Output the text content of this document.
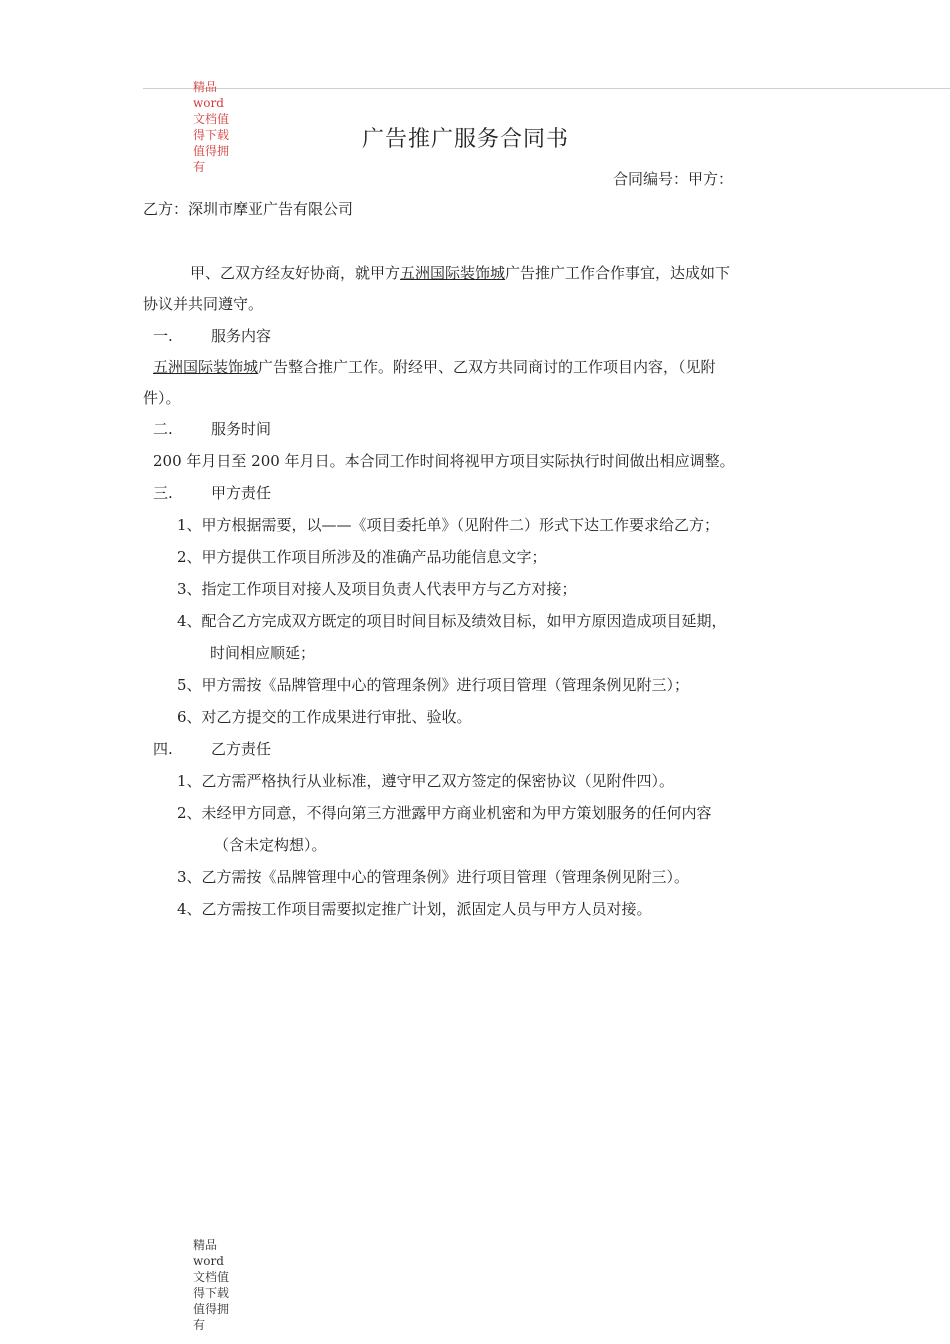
精品
word
文档值
得下载
值得拥
有
广告推广服务合同书
合同编号：甲方：
乙方：深圳市摩亚广告有限公司
甲、乙双方经友好协商，就甲方五洲国际装饰城广告推广工作合作事宜，达成如下
协议并共同遵守。
一.	服务内容
五洲国际装饰城广告整合推广工作。附经甲、乙双方共同商讨的工作项目内容，（见附
件）。
二.	服务时间
200 年月日至 200 年月日。本合同工作时间将视甲方项目实际执行时间做出相应调整。
三.	甲方责任
1、甲方根据需要，以——《项目委托单》（见附件二）形式下达工作要求给乙方；
2、甲方提供工作项目所涉及的准确产品功能信息文字；
3、指定工作项目对接人及项目负责人代表甲方与乙方对接；
4、配合乙方完成双方既定的项目时间目标及绩效目标，如甲方原因造成项目延期，
时间相应顺延；
5、甲方需按《品牌管理中心的管理条例》进行项目管理（管理条例见附三）；
6、对乙方提交的工作成果进行审批、验收。
四.	乙方责任
1、乙方需严格执行从业标准，遵守甲乙双方签定的保密协议（见附件四）。
2、未经甲方同意，不得向第三方泄露甲方商业机密和为甲方策划服务的任何内容
（含未定构想）。
3、乙方需按《品牌管理中心的管理条例》进行项目管理（管理条例见附三）。
4、乙方需按工作项目需要拟定推广计划，派固定人员与甲方人员对接。
精品
word
文档值
得下载
值得拥
有
